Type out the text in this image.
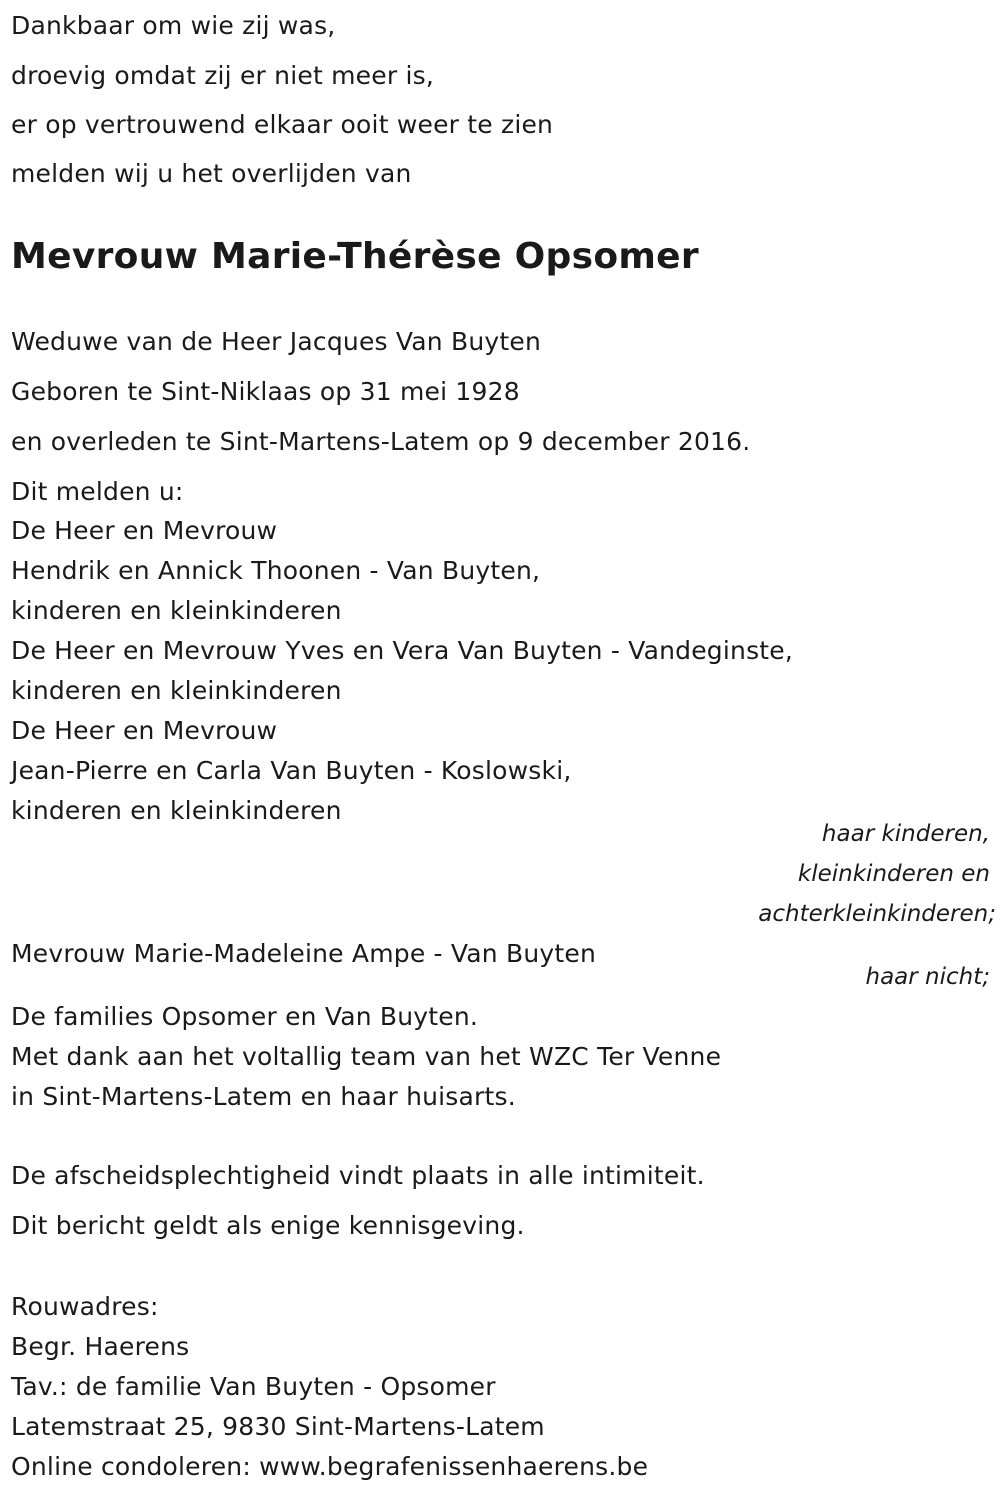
Dankbaar om wie zij was,
droevig omdat zij er niet meer is,
er op vertrouwend elkaar ooit weer te zien
melden wij u het overlijden van
Mevrouw Marie-Thérèse Opsomer
Weduwe van de Heer Jacques Van Buyten
Geboren te Sint-Niklaas op 31 mei 1928
en overleden te Sint-Martens-Latem op 9 december 2016.
Dit melden u:
De Heer en Mevrouw
Hendrik en Annick Thoonen - Van Buyten,
kinderen en kleinkinderen
De Heer en Mevrouw Yves en Vera Van Buyten - Vandeginste,
kinderen en kleinkinderen
De Heer en Mevrouw
Jean-Pierre en Carla Van Buyten - Koslowski,
kinderen en kleinkinderen
haar kinderen,
kleinkinderen en
achterkleinkinderen;
Mevrouw Marie-Madeleine Ampe - Van Buyten
haar nicht;
De families Opsomer en Van Buyten.
Met dank aan het voltallig team van het WZC Ter Venne
in Sint-Martens-Latem en haar huisarts.
De afscheidsplechtigheid vindt plaats in alle intimiteit.
Dit bericht geldt als enige kennisgeving.
Rouwadres:
Begr. Haerens
Tav.: de familie Van Buyten - Opsomer
Latemstraat 25, 9830 Sint-Martens-Latem
Online condoleren: www.begrafenissenhaerens.be
